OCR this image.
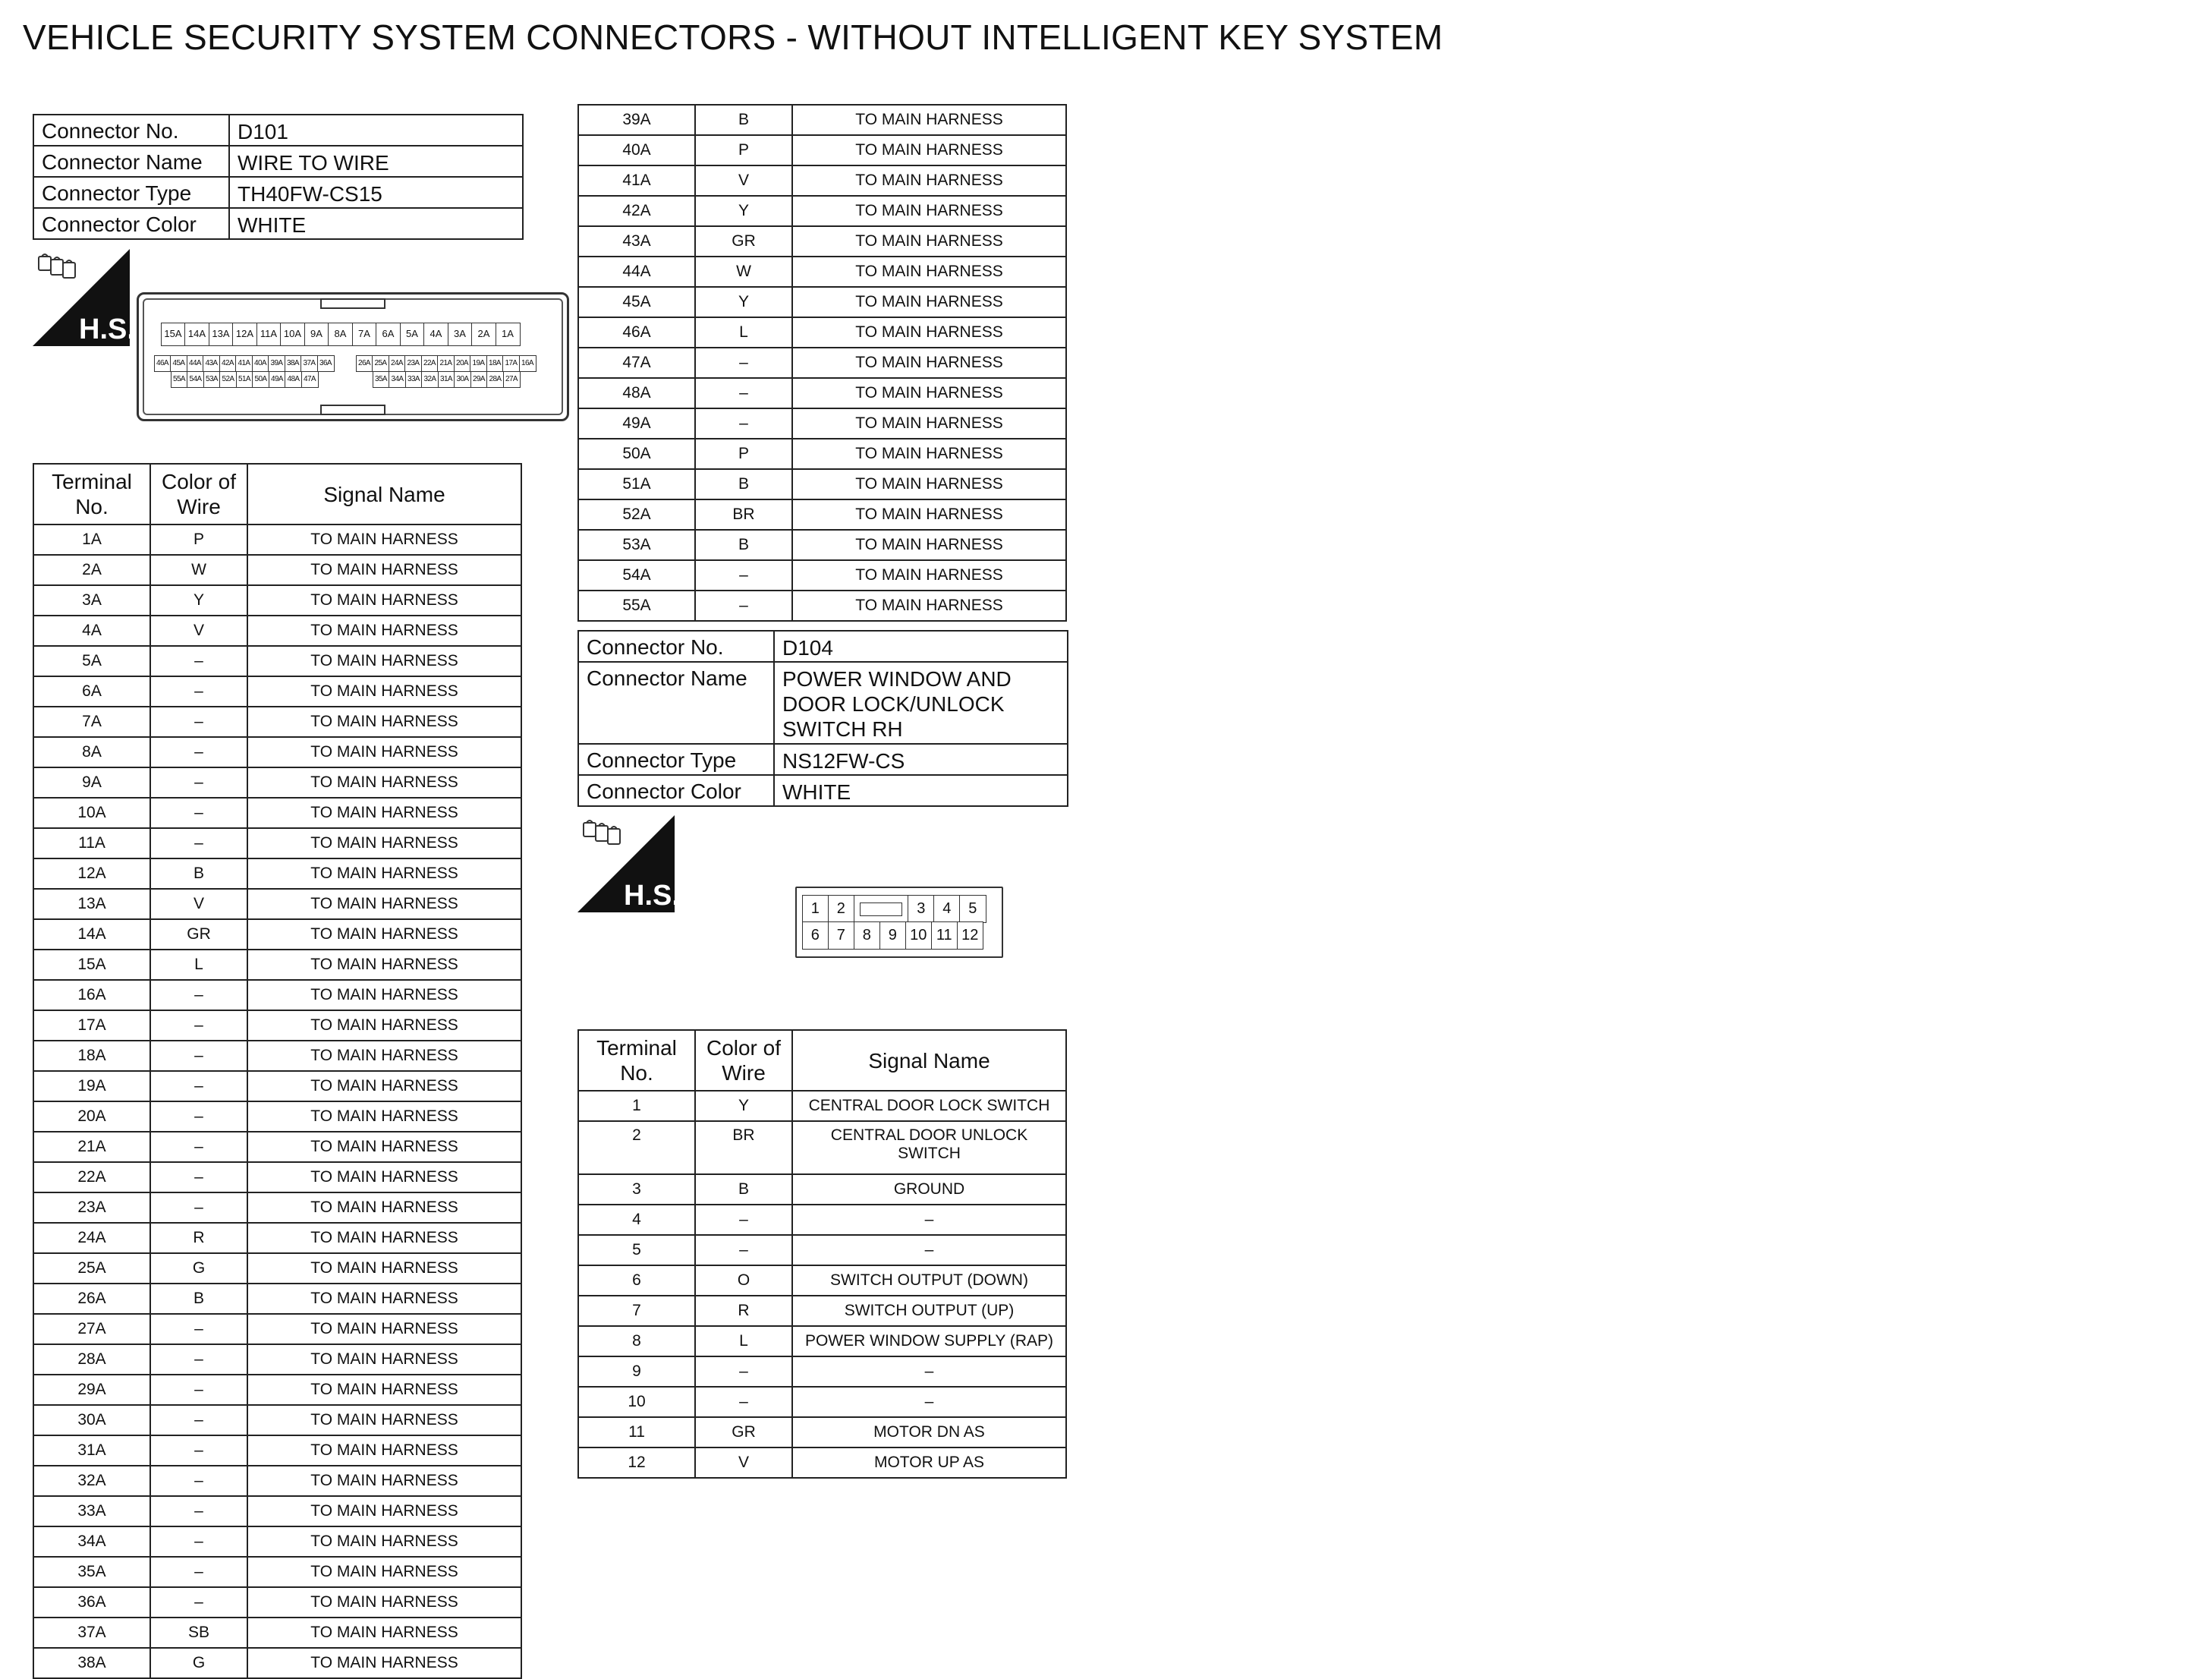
VEHICLE SECURITY SYSTEM CONNECTORS - WITHOUT INTELLIGENT KEY SYSTEM
Connector No.	D101
Connector Name	WIRE TO WIRE
Connector Type	TH40FW-CS15
Connector Color	WHITE
H.S.	15A 14A 13A 12A 11A 10A 9A	8A	7A	6A	5A	4A	3A	2A	1A
46A 45A 44A 43A 42A 41A 40A 39A 38A 37A 36A	26A 25A 24A 23A 22A 21A 20A 19A 18A 17A 16A
55A 54A 53A 52A 51A 50A 49A 48A 47A	35A 34A 33A 32A 31A 30A 29A 28A 27A
Terminal
No.	Color of
Wire	Signal Name
1A	P	TO MAIN HARNESS
2A	W	TO MAIN HARNESS
3A	Y	TO MAIN HARNESS
4A	V	TO MAIN HARNESS
5A	–	TO MAIN HARNESS
6A	–	TO MAIN HARNESS
7A	–	TO MAIN HARNESS
8A	–	TO MAIN HARNESS
9A	–	TO MAIN HARNESS
10A	–	TO MAIN HARNESS
11A	–	TO MAIN HARNESS
12A	B	TO MAIN HARNESS
13A	V	TO MAIN HARNESS
14A	GR	TO MAIN HARNESS
15A	L	TO MAIN HARNESS
16A	–	TO MAIN HARNESS
17A	–	TO MAIN HARNESS
18A	–	TO MAIN HARNESS
19A	–	TO MAIN HARNESS
20A	–	TO MAIN HARNESS
21A	–	TO MAIN HARNESS
22A	–	TO MAIN HARNESS
23A	–	TO MAIN HARNESS
24A	R	TO MAIN HARNESS
25A	G	TO MAIN HARNESS
26A	B	TO MAIN HARNESS
27A	–	TO MAIN HARNESS
28A	–	TO MAIN HARNESS
29A	–	TO MAIN HARNESS
30A	–	TO MAIN HARNESS
31A	–	TO MAIN HARNESS
32A	–	TO MAIN HARNESS
33A	–	TO MAIN HARNESS
34A	–	TO MAIN HARNESS
35A	–	TO MAIN HARNESS
36A	–	TO MAIN HARNESS
37A	SB	TO MAIN HARNESS
38A	G	TO MAIN HARNESS
39A	B	TO MAIN HARNESS
40A	P	TO MAIN HARNESS
41A	V	TO MAIN HARNESS
42A	Y	TO MAIN HARNESS
43A	GR	TO MAIN HARNESS
44A	W	TO MAIN HARNESS
45A	Y	TO MAIN HARNESS
46A	L	TO MAIN HARNESS
47A	–	TO MAIN HARNESS
48A	–	TO MAIN HARNESS
49A	–	TO MAIN HARNESS
50A	P	TO MAIN HARNESS
51A	B	TO MAIN HARNESS
52A	BR	TO MAIN HARNESS
53A	B	TO MAIN HARNESS
54A	–	TO MAIN HARNESS
55A	–	TO MAIN HARNESS
Connector No.	D104
Connector Name	POWER WINDOW AND
DOOR LOCK/UNLOCK
SWITCH RH
Connector Type	NS12FW-CS
Connector Color	WHITE
H.S.	1	2	3	4	5
6	7	8	9 10 11 12
Terminal
No.	Color of
Wire	Signal Name
1	Y	CENTRAL DOOR LOCK SWITCH
2	BR	CENTRAL DOOR UNLOCK
SWITCH
3	B	GROUND
4	–	–
5	–	–
6	O	SWITCH OUTPUT (DOWN)
7	R	SWITCH OUTPUT (UP)
8	L	POWER WINDOW SUPPLY (RAP)
9	–	–
10	–	–
11	GR	MOTOR DN AS
12	V	MOTOR UP AS
